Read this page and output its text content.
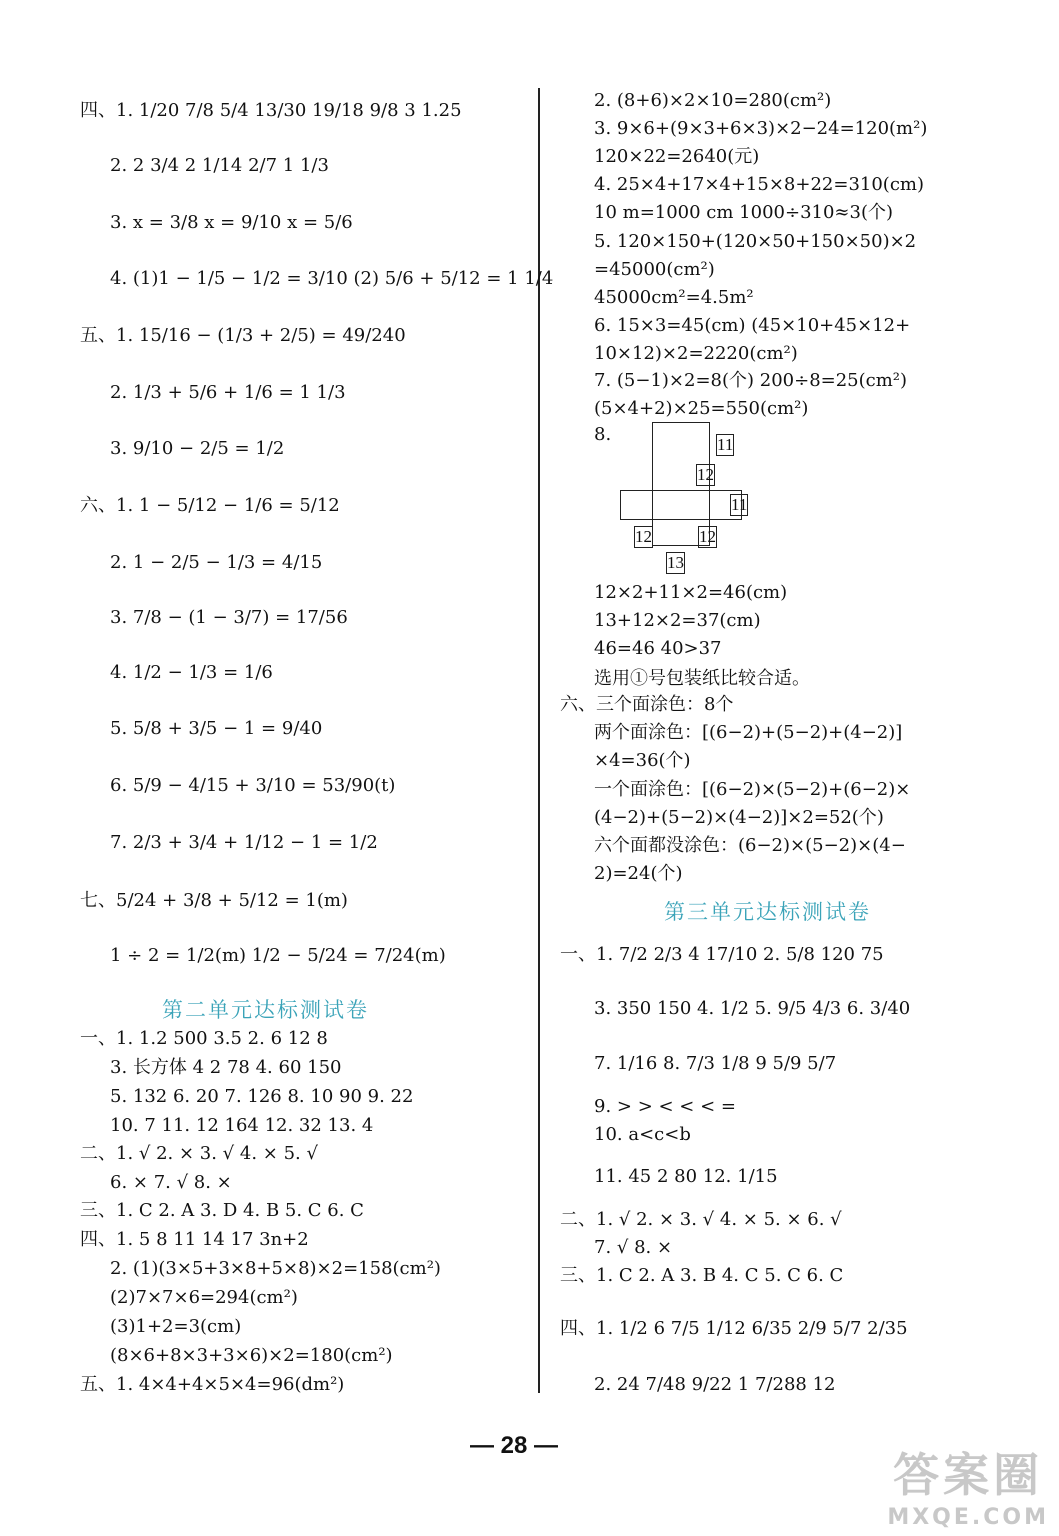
四、1. 1/20 7/8 5/4 13/30 19/18 9/8 3 1.25
2. 2 3/4 2 1/14 2/7 1 1/3
3. x = 3/8 x = 9/10 x = 5/6
4. (1)1 − 1/5 − 1/2 = 3/10 (2) 5/6 + 5/12 = 1 1/4
五、1. 15/16 − (1/3 + 2/5) = 49/240
2. 1/3 + 5/6 + 1/6 = 1 1/3
3. 9/10 − 2/5 = 1/2
六、1. 1 − 5/12 − 1/6 = 5/12
2. 1 − 2/5 − 1/3 = 4/15
3. 7/8 − (1 − 3/7) = 17/56
4. 1/2 − 1/3 = 1/6
5. 5/8 + 3/5 − 1 = 9/40
6. 5/9 − 4/15 + 3/10 = 53/90(t)
7. 2/3 + 3/4 + 1/12 − 1 = 1/2
七、5/24 + 3/8 + 5/12 = 1(m)
1 ÷ 2 = 1/2(m) 1/2 − 5/24 = 7/24(m)
第二单元达标测试卷
一、1. 1.2 500 3.5 2. 6 12 8
3. 长方体 4 2 78 4. 60 150
5. 132 6. 20 7. 126 8. 10 90 9. 22
10. 7 11. 12 164 12. 32 13. 4
二、1. √ 2. × 3. √ 4. × 5. √
6. × 7. √ 8. ×
三、1. C 2. A 3. D 4. B 5. C 6. C
四、1. 5 8 11 14 17 3n+2
2. (1)(3×5+3×8+5×8)×2=158(cm²)
(2)7×7×6=294(cm²)
(3)1+2=3(cm)
(8×6+8×3+3×6)×2=180(cm²)
五、1. 4×4+4×5×4=96(dm²)
2. (8+6)×2×10=280(cm²)
3. 9×6+(9×3+6×3)×2−24=120(m²)
120×22=2640(元)
4. 25×4+17×4+15×8+22=310(cm)
10 m=1000 cm 1000÷310≈3(个)
5. 120×150+(120×50+150×50)×2
=45000(cm²)
45000cm²=4.5m²
6. 15×3=45(cm) (45×10+45×12+
10×12)×2=2220(cm²)
7. (5−1)×2=8(个) 200÷8=25(cm²)
(5×4+2)×25=550(cm²)
8.
12×2+11×2=46(cm)
13+12×2=37(cm)
46=46 40>37
选用①号包装纸比较合适。
六、三个面涂色：8个
两个面涂色：[(6−2)+(5−2)+(4−2)]
×4=36(个)
一个面涂色：[(6−2)×(5−2)+(6−2)×
(4−2)+(5−2)×(4−2)]×2=52(个)
六个面都没涂色：(6−2)×(5−2)×(4−
2)=24(个)
11
12
11
12	12
13
第三单元达标测试卷
一、1. 7/2 2/3 4 17/10 2. 5/8 120 75
3. 350 150 4. 1/2 5. 9/5 4/3 6. 3/40
7. 1/16 8. 7/3 1/8 9 5/9 5/7
9. > > < < < =
10. a<c<b
11. 45 2 80 12. 1/15
二、1. √ 2. × 3. √ 4. × 5. × 6. √
7. √ 8. ×
三、1. C 2. A 3. B 4. C 5. C 6. C
四、1. 1/2 6 7/5 1/12 6/35 2/9 5/7 2/35
2. 24 7/48 9/22 1 7/288 12
— 28 —
答案圈
MXQE.COM
